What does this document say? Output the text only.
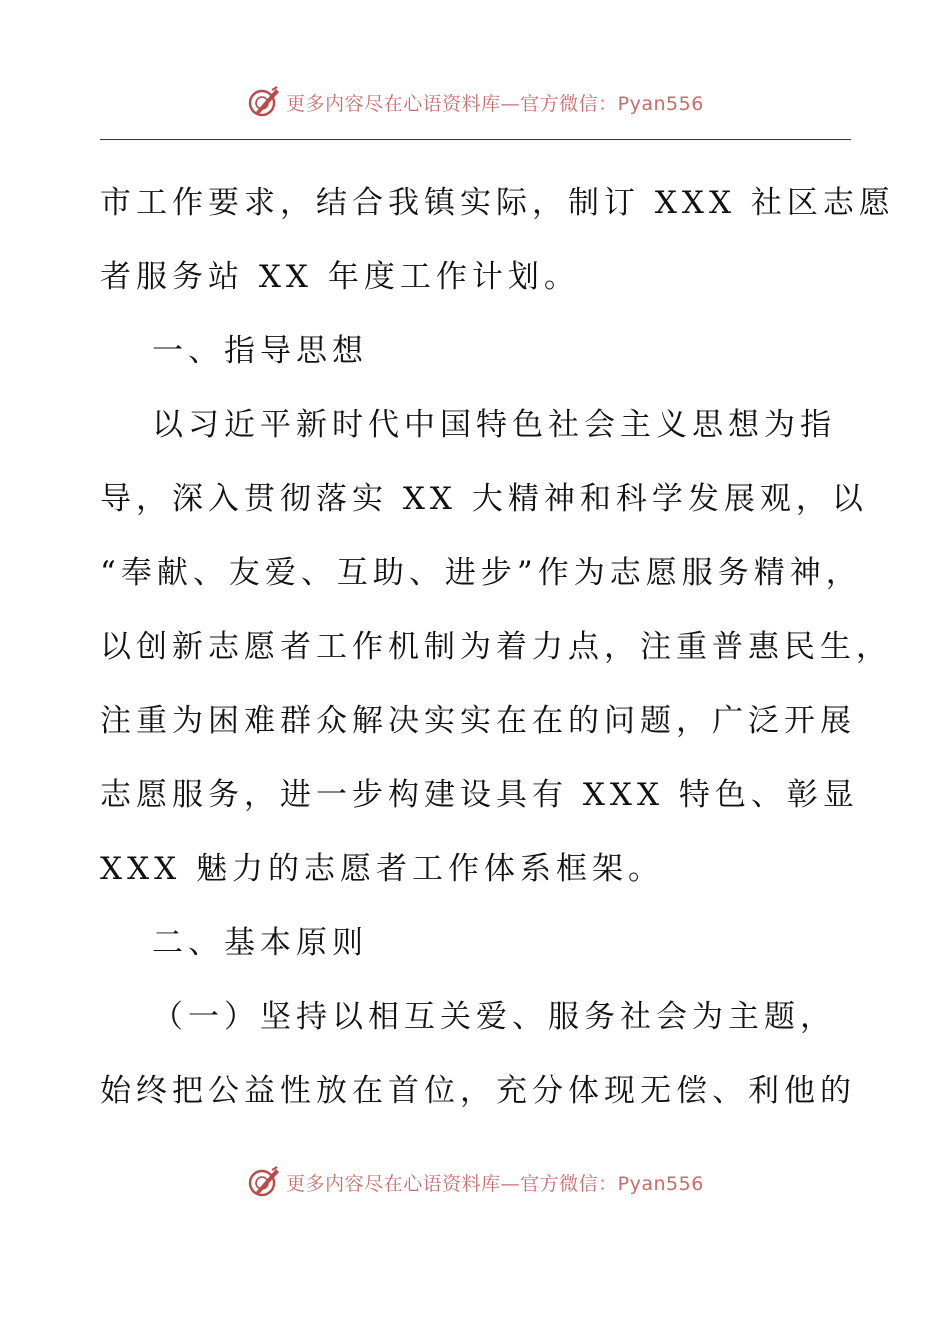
更多内容尽在心语资料库—官方微信：Pyan556
市工作要求，结合我镇实际，制订 XXX 社区志愿
者服务站 XX 年度工作计划。
一、指导思想
以习近平新时代中国特色社会主义思想为指
导，深入贯彻落实 XX 大精神和科学发展观，以
“奉献、友爱、互助、进步”作为志愿服务精神，
以创新志愿者工作机制为着力点，注重普惠民生，
注重为困难群众解决实实在在的问题，广泛开展
志愿服务，进一步构建设具有 XXX 特色、彰显
XXX 魅力的志愿者工作体系框架。
二、基本原则
（一）坚持以相互关爱、服务社会为主题，
始终把公益性放在首位，充分体现无偿、利他的
更多内容尽在心语资料库—官方微信：Pyan556
